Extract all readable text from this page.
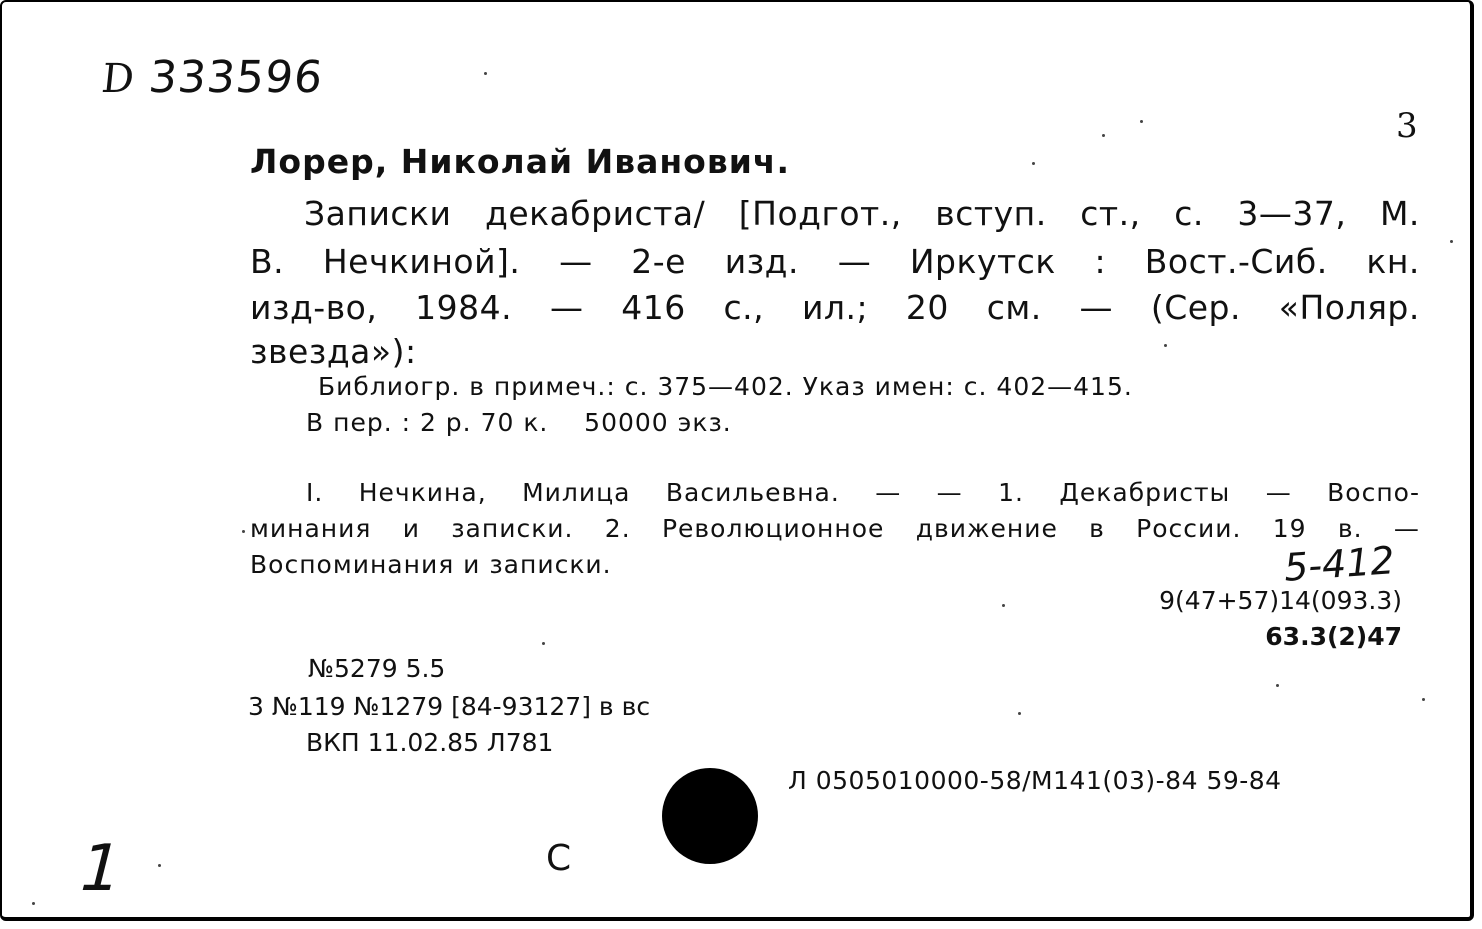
D 333596
3
Лорер, Николай Иванович.
Записки декабриста/ [Подгот., вступ. ст., с. 3—37, М.
В. Нечкиной]. — 2-е изд. — Иркутск : Вост.-Сиб. кн.
изд-во, 1984. — 416 с., ил.; 20 см. — (Сер. «Поляр.
звезда»):
Библиогр. в примеч.: с. 375—402. Указ имен: с. 402—415.
В пер. : 2 р. 70 к.    50000 экз.
I. Нечкина, Милица Васильевна. — — 1. Декабристы — Воспо-
минания и записки. 2. Революционное движение в России. 19 в. —
Воспоминания и записки.	5-412
9(47+57)14(093.3)
63.3(2)47
№5279 5.5
3 №119 №1279 [84-93127] в вс
ВКП 11.02.85 Л781
Л 0505010000-58/М141(03)-84 59-84
С
1
